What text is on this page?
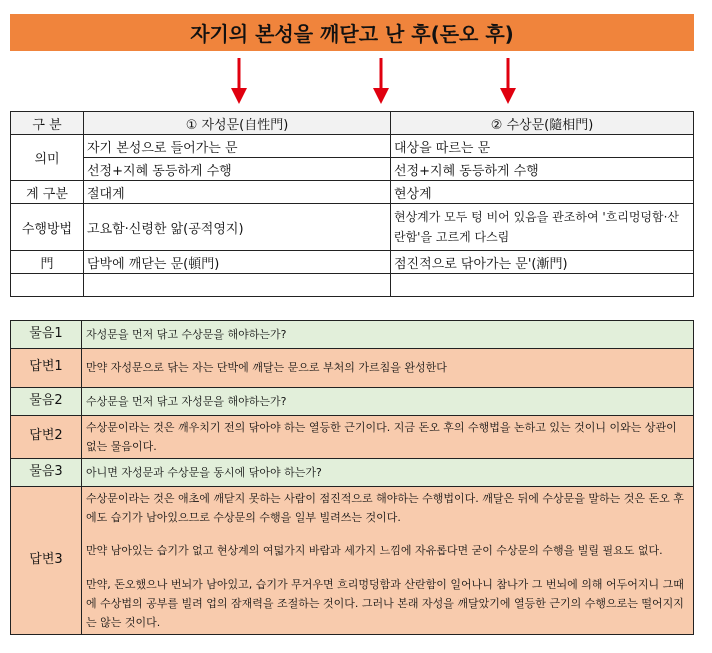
자기의 본성을 깨닫고 난 후(돈오 후)
구 분	① 자성문(自性門)	② 수상문(隨相門)
의미	자기 본성으로 들어가는 문	대상을 따르는 문
	선정+지혜 동등하게 수행	선정+지혜 동등하게 수행
계 구분	절대계	현상계
수행방법	고요함·신령한 앎(공적영지)	현상계가 모두 텅 비어 있음을 관조하여 '흐리멍덩함·산란함'을 고르게 다스림
門	담박에 깨닫는 문(頓門)	점진적으로 닦아가는 문'(漸門)

물음1	자성문을 먼저 닦고 수상문을 해야하는가?
답변1	만약 자성문으로 닦는 자는 단박에 깨달는 문으로 부처의 가르침을 완성한다
물음2	수상문을 먼저 닦고 자성문을 해야하는가?
답변2	수상문이라는 것은 깨우치기 전의 닦아야 하는 열등한 근기이다. 지금 돈오 후의 수행법을 논하고 있는 것이니 이와는 상관이 없는 물음이다.
물음3	아니면 자성문과 수상문을 동시에 닦아야 하는가?
답변3	수상문이라는 것은 애초에 깨닫지 못하는 사람이 점진적으로 해야하는 수행법이다. 깨달은 뒤에 수상문을 말하는 것은 돈오 후에도 습기가 남아있으므로 수상문의 수행을 일부 빌려쓰는 것이다.

만약 남아있는 습기가 없고 현상계의 여덟가지 바람과 세가지 느낌에 자유롭다면 굳이 수상문의 수행을 빌릴 필요도 없다.

만약, 돈오했으나 번뇌가 남아있고, 습기가 무거우면 흐리멍덩함과 산란함이 일어나니 참나가 그 번뇌에 의해 어두어지니 그때에 수상법의 공부를 빌려 업의 잠재력을 조절하는 것이다. 그러나 본래 자성을 깨달았기에 열등한 근기의 수행으로는 떨어지지는 않는 것이다.
